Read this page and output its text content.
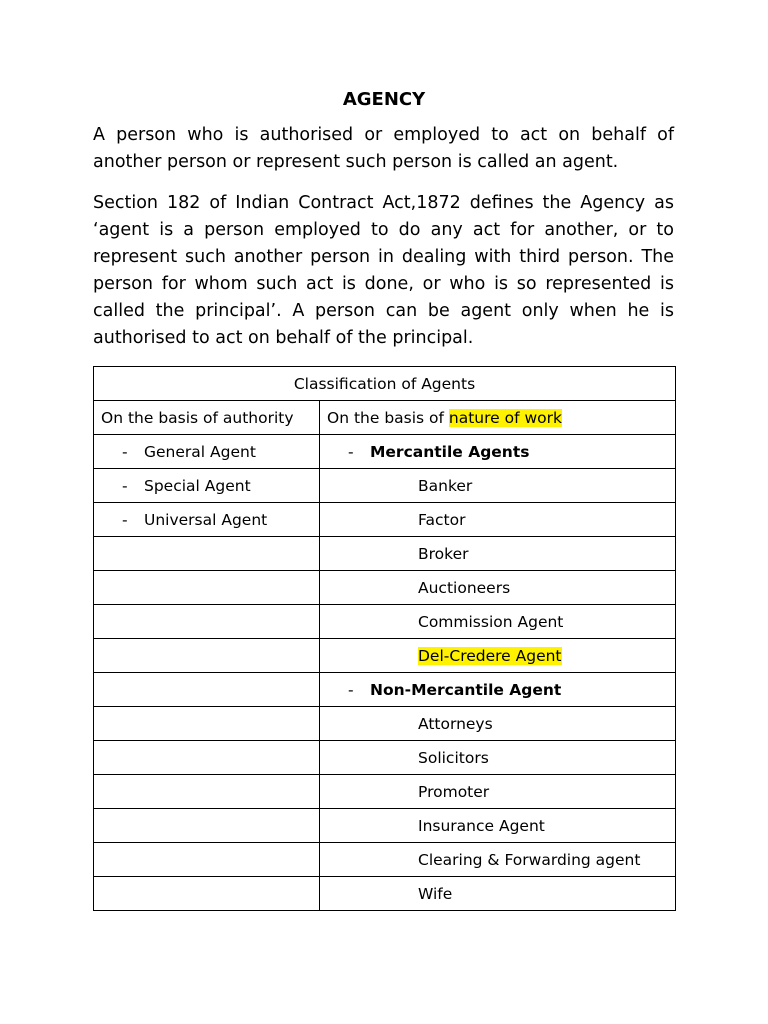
AGENCY
A person who is authorised or employed to act on behalf of another person or represent such person is called an agent.
Section 182 of Indian Contract Act,1872 defines the Agency as ‘agent is a person employed to do any act for another, or to represent such another person in dealing with third person. The person for whom such act is done, or who is so represented is called the principal’. A person can be agent only when he is authorised to act on behalf of the principal.
Classification of Agents	
On the basis of authority	On the basis of nature of work
- General Agent	- Mercantile Agents
- Special Agent	Banker
- Universal Agent	Factor
	Broker
	Auctioneers
	Commission Agent
	Del-Credere Agent
	- Non-Mercantile Agent
	Attorneys
	Solicitors
	Promoter
	Insurance Agent
	Clearing & Forwarding agent
	Wife
